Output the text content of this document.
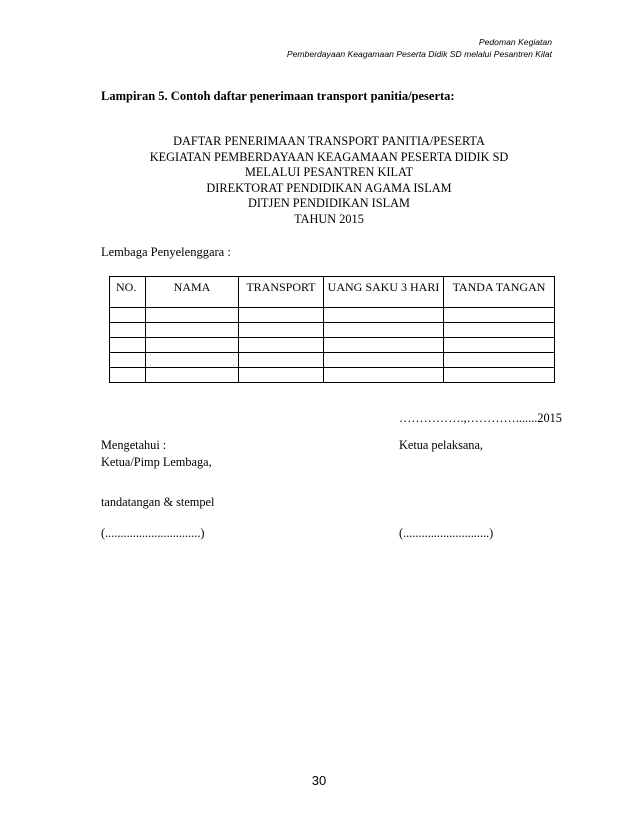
Pedoman Kegiatan
Pemberdayaan Keagamaan Peserta Didik SD melalui Pesantren Kilat
Lampiran 5. Contoh daftar penerimaan transport panitia/peserta:
DAFTAR PENERIMAAN TRANSPORT PANITIA/PESERTA
KEGIATAN PEMBERDAYAAN KEAGAMAAN PESERTA DIDIK SD
MELALUI PESANTREN KILAT
DIREKTORAT PENDIDIKAN AGAMA ISLAM
DITJEN PENDIDIKAN ISLAM
TAHUN 2015
Lembaga Penyelenggara :
NO.	NAMA	TRANSPORT	UANG SAKU 3 HARI	TANDA TANGAN

…………….,………….......2015
Mengetahui :
Ketua/Pimp Lembaga,
Ketua pelaksana,
tandatangan & stempel
(...............................)	(............................)
30
